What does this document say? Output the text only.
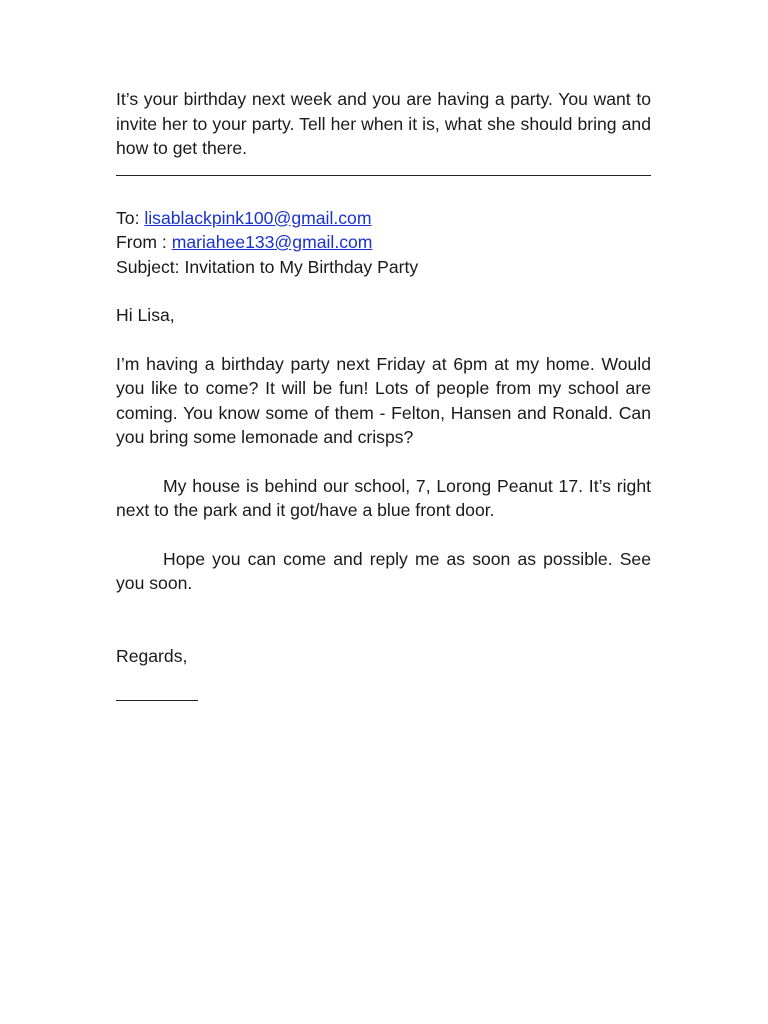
It’s your birthday next week and you are having a party. You want to invite her to your party. Tell her when it is, what she should bring and how to get there.

To: lisablackpink100@gmail.com

From : mariahee133@gmail.com

Subject: Invitation to My Birthday Party

Hi Lisa,

I’m having a birthday party next Friday at 6pm at my home. Would you like to come? It will be fun! Lots of people from my school are coming. You know some of them - Felton, Hansen and Ronald. Can you bring some lemonade and crisps?

My house is behind our school, 7, Lorong Peanut 17. It’s right next to the park and it got/have a blue front door.

Hope you can come and reply me as soon as possible. See you soon.

Regards,
